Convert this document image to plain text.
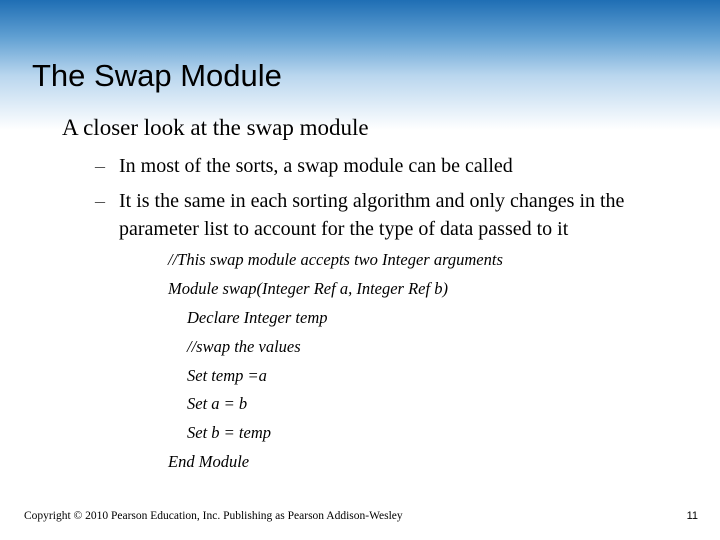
The Swap Module
A closer look at the swap module
– In most of the sorts, a swap module can be called
– It is the same in each sorting algorithm and only changes in the parameter list to account for the type of data passed to it
//This swap module accepts two Integer arguments
Module swap(Integer Ref a, Integer Ref b)
Declare Integer temp
//swap the values
Set temp =a
Set a = b
Set b = temp
End Module
Copyright © 2010 Pearson Education, Inc. Publishing as Pearson Addison-Wesley	11
